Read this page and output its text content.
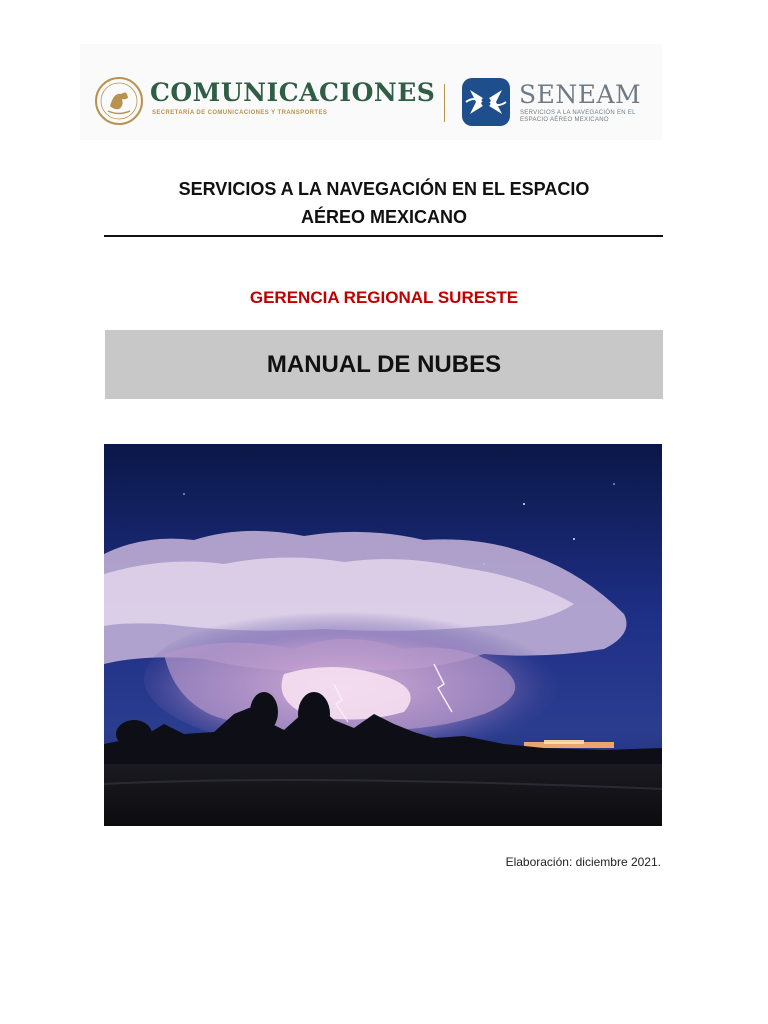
COMUNICACIONES
SECRETARÍA DE COMUNICACIONES Y TRANSPORTES
SENEAM
SERVICIOS A LA NAVEGACIÓN EN EL ESPACIO AÉREO MEXICANO
SERVICIOS A LA NAVEGACIÓN EN EL ESPACIO
AÉREO MEXICANO
GERENCIA REGIONAL SURESTE
MANUAL DE NUBES
Elaboración: diciembre 2021.
